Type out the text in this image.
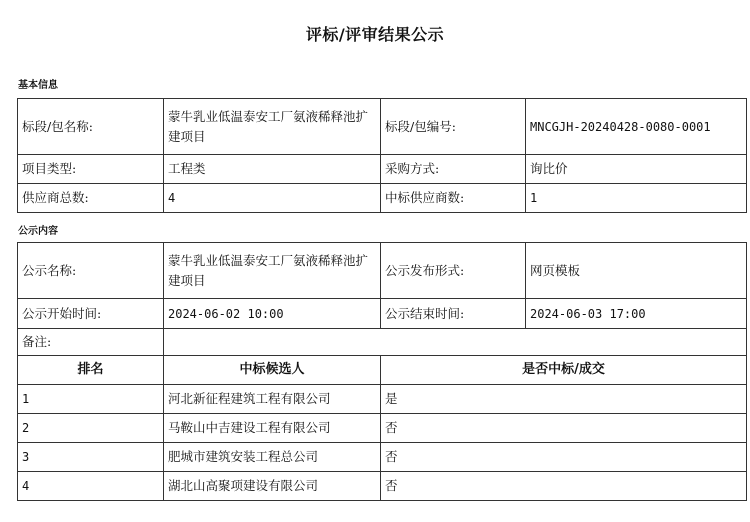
评标/评审结果公示
基本信息
标段/包名称:	蒙牛乳业低温泰安工厂氨液稀释池扩建项目	标段/包编号:	MNCGJH-20240428-0080-0001
项目类型:	工程类	采购方式:	询比价
供应商总数:	4	中标供应商数:	1
公示内容
公示名称:	蒙牛乳业低温泰安工厂氨液稀释池扩建项目	公示发布形式:	网页模板
公示开始时间:	2024-06-02 10:00	公示结束时间:	2024-06-03 17:00
备注:			
排名	中标候选人	是否中标/成交	
1	河北新征程建筑工程有限公司	是	
2	马鞍山中吉建设工程有限公司	否	
3	肥城市建筑安装工程总公司	否	
4	湖北山高聚项建设有限公司	否	
